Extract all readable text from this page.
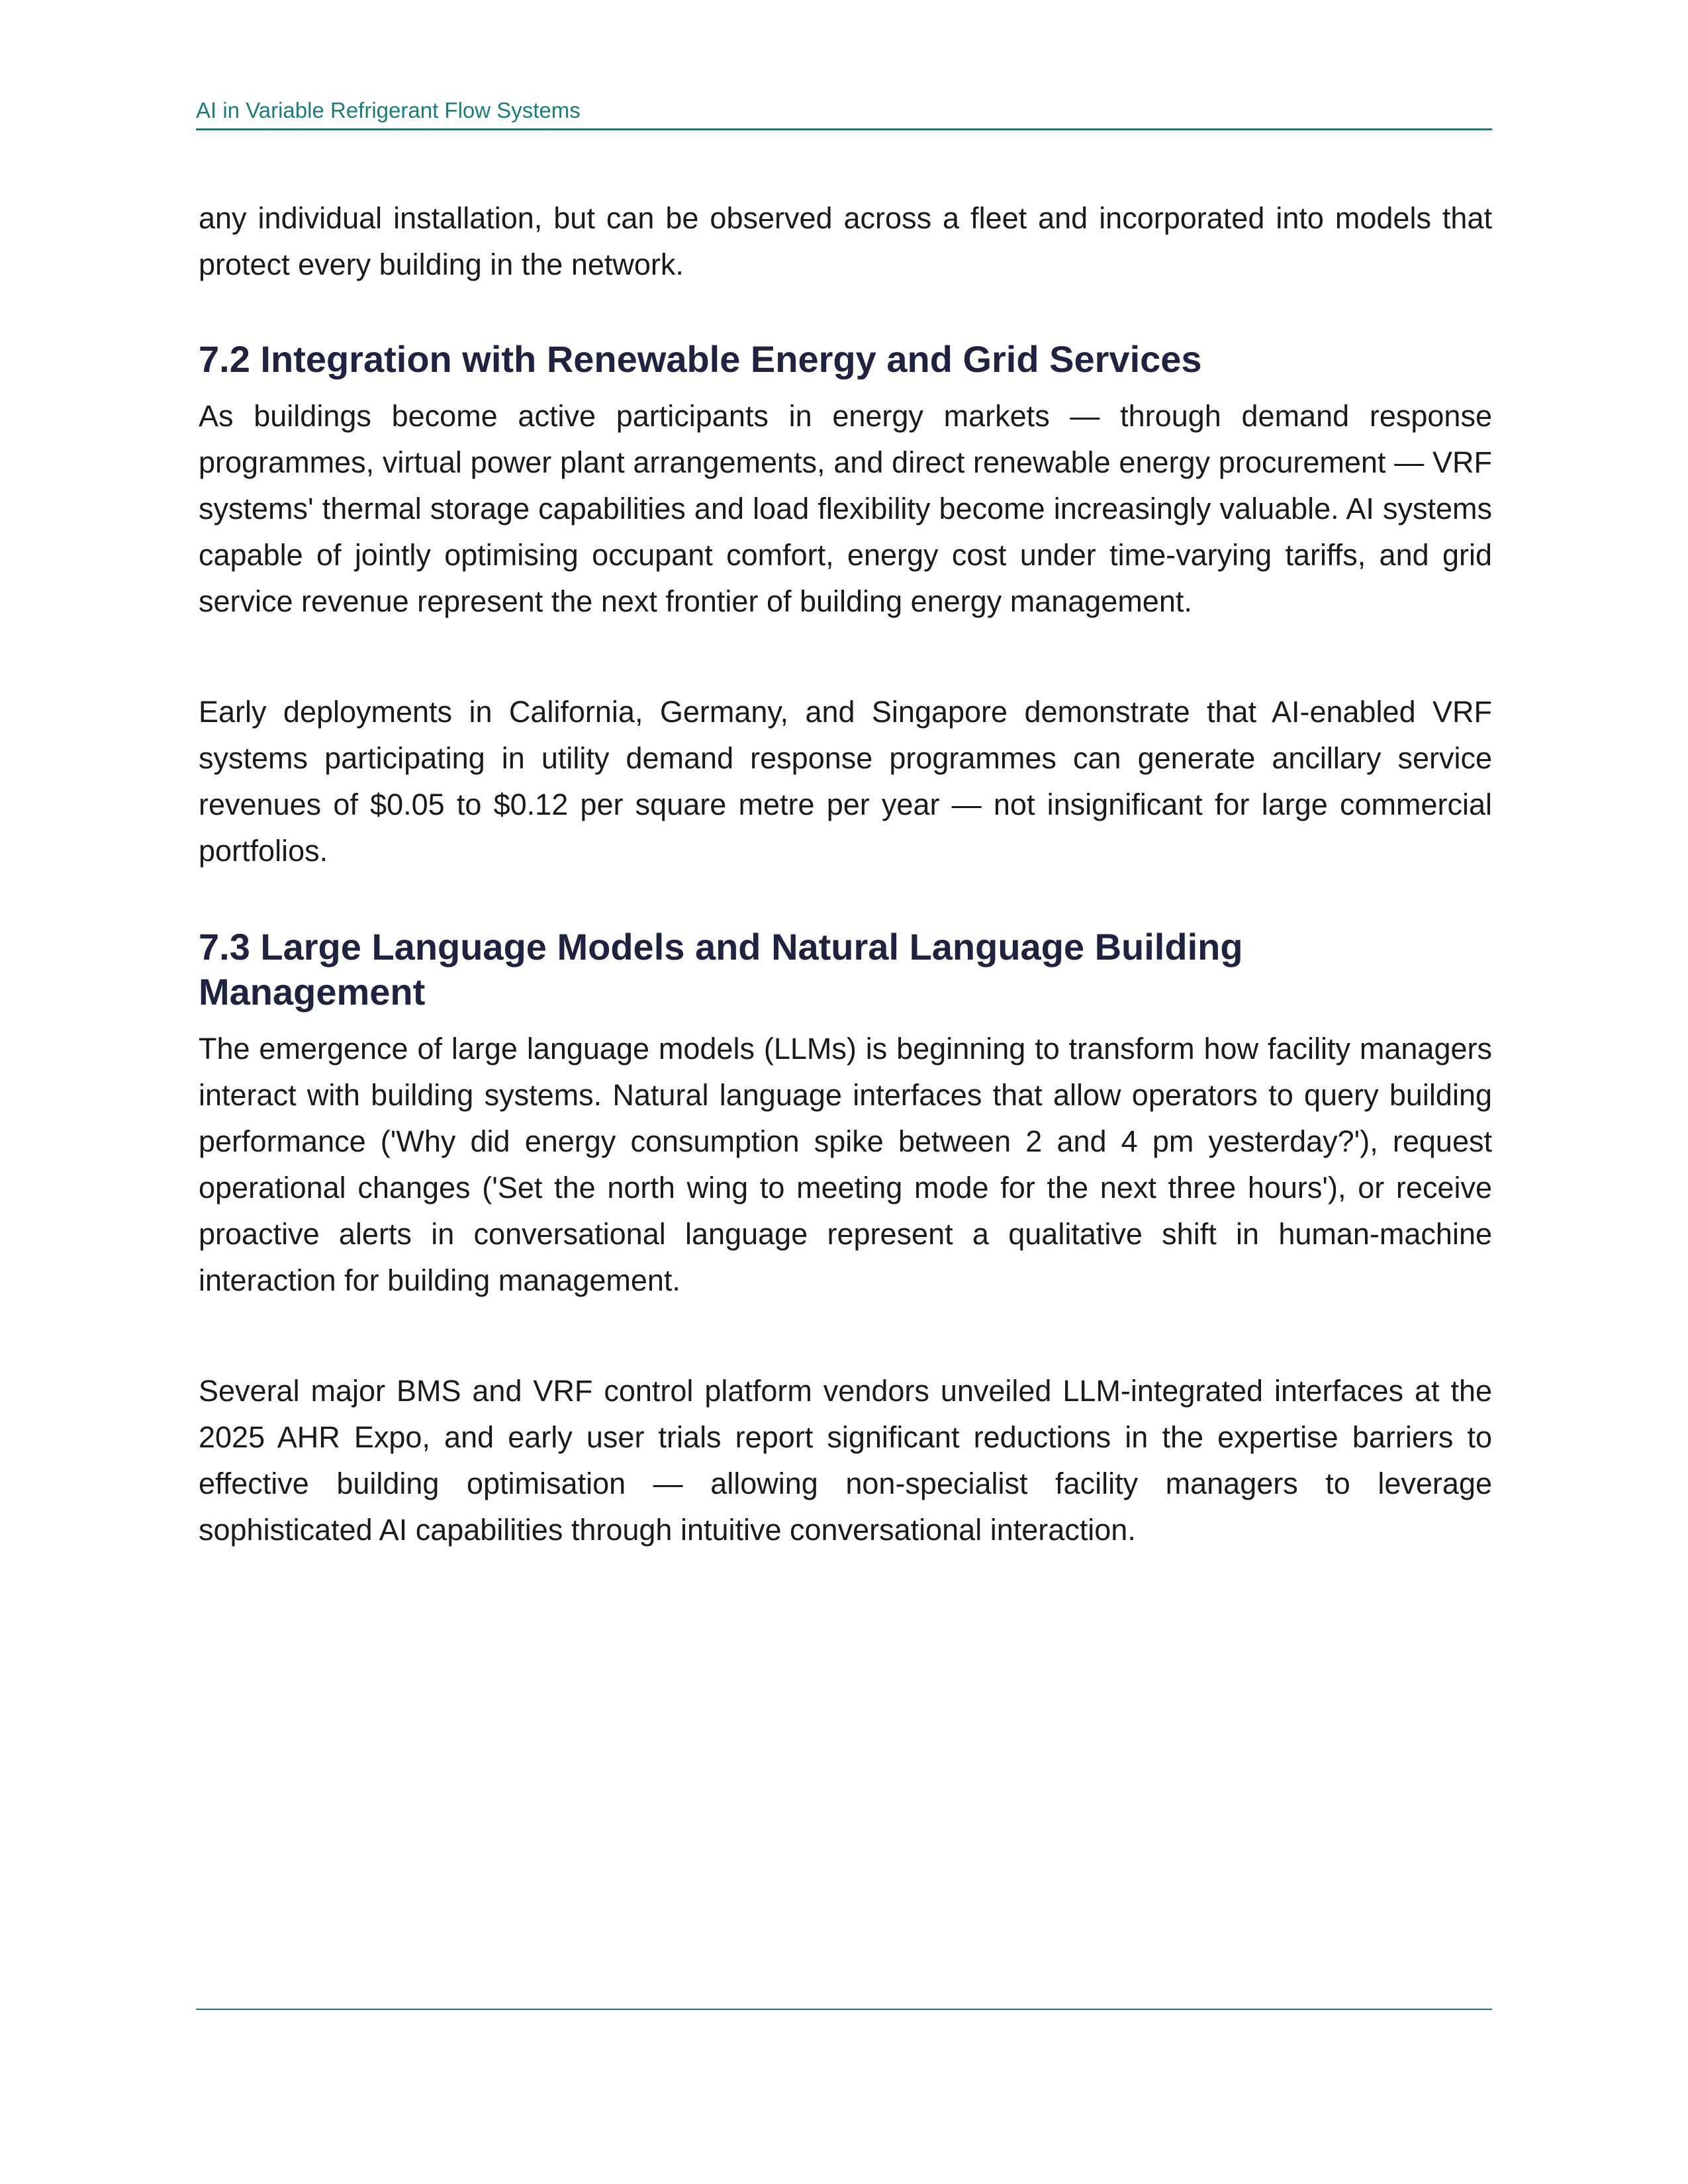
AI in Variable Refrigerant Flow Systems

any individual installation, but can be observed across a fleet and incorporated into models that protect every building in the network.

7.2 Integration with Renewable Energy and Grid Services

As buildings become active participants in energy markets — through demand response programmes, virtual power plant arrangements, and direct renewable energy procurement — VRF systems' thermal storage capabilities and load flexibility become increasingly valuable. AI systems capable of jointly optimising occupant comfort, energy cost under time-varying tariffs, and grid service revenue represent the next frontier of building energy management.

Early deployments in California, Germany, and Singapore demonstrate that AI-enabled VRF systems participating in utility demand response programmes can generate ancillary service revenues of $0.05 to $0.12 per square metre per year — not insignificant for large commercial portfolios.

7.3 Large Language Models and Natural Language Building Management

The emergence of large language models (LLMs) is beginning to transform how facility managers interact with building systems. Natural language interfaces that allow operators to query building performance ('Why did energy consumption spike between 2 and 4 pm yesterday?'), request operational changes ('Set the north wing to meeting mode for the next three hours'), or receive proactive alerts in conversational language represent a qualitative shift in human-machine interaction for building management.

Several major BMS and VRF control platform vendors unveiled LLM-integrated interfaces at the 2025 AHR Expo, and early user trials report significant reductions in the expertise barriers to effective building optimisation — allowing non-specialist facility managers to leverage sophisticated AI capabilities through intuitive conversational interaction.
